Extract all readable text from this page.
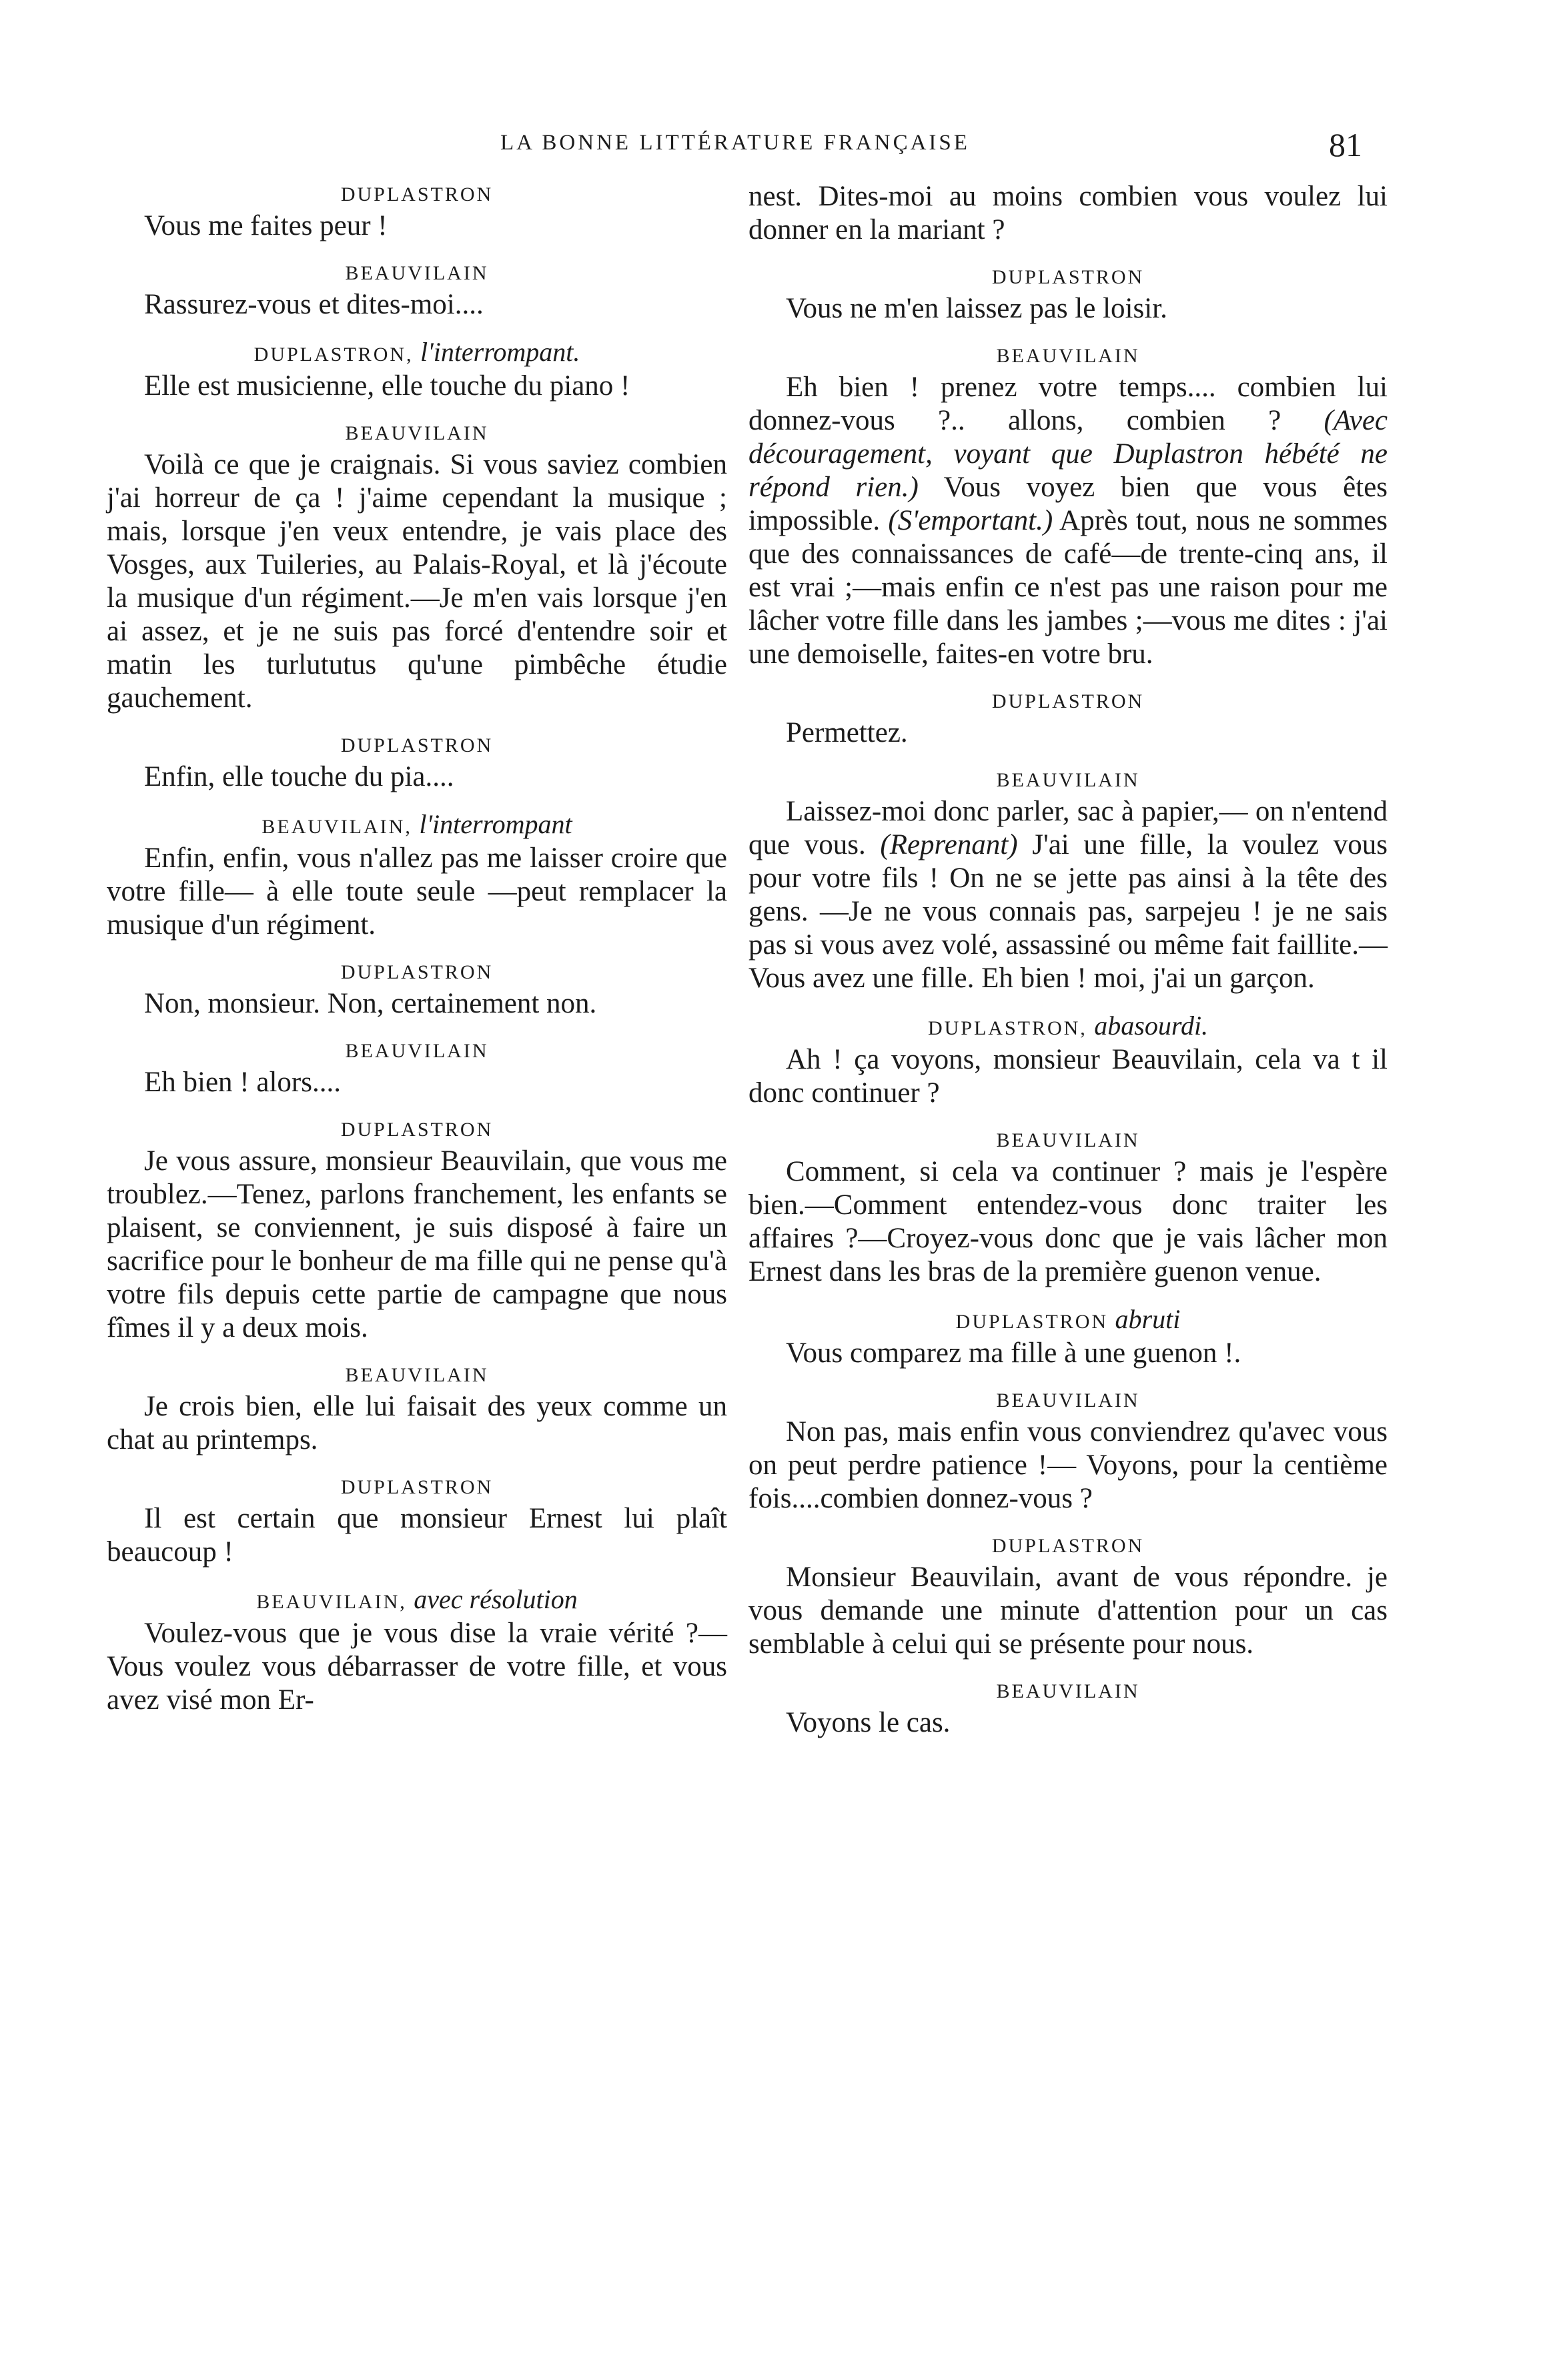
LA BONNE LITTÉRATURE FRANÇAISE	81
DUPLASTRON

Vous me faites peur !

BEAUVILAIN

Rassurez-vous et dites-moi....

DUPLASTRON, l'interrompant.

Elle est musicienne, elle touche du piano !

BEAUVILAIN

Voilà ce que je craignais. Si vous saviez combien j'ai horreur de ça ! j'aime cependant la musique ; mais, lorsque j'en veux entendre, je vais place des Vosges, aux Tuileries, au Palais-Royal, et là j'écoute la musique d'un régiment.—Je m'en vais lorsque j'en ai assez, et je ne suis pas forcé d'entendre soir et matin les turlututus qu'une pimbêche étudie gauchement.

DUPLASTRON

Enfin, elle touche du pia....

BEAUVILAIN, l'interrompant

Enfin, enfin, vous n'allez pas me laisser croire que votre fille— à elle toute seule —peut remplacer la musique d'un régiment.

DUPLASTRON

Non, monsieur. Non, certainement non.

BEAUVILAIN

Eh bien ! alors....

DUPLASTRON

Je vous assure, monsieur Beauvilain, que vous me troublez.—Tenez, parlons franchement, les enfants se plaisent, se conviennent, je suis disposé à faire un sacrifice pour le bonheur de ma fille qui ne pense qu'à votre fils depuis cette partie de campagne que nous fîmes il y a deux mois.

BEAUVILAIN

Je crois bien, elle lui faisait des yeux comme un chat au printemps.

DUPLASTRON

Il est certain que monsieur Ernest lui plaît beaucoup !

BEAUVILAIN, avec résolution

Voulez-vous que je vous dise la vraie vérité ?—Vous voulez vous débarrasser de votre fille, et vous avez visé mon Er-

nest. Dites-moi au moins combien vous voulez lui donner en la mariant ?

DUPLASTRON

Vous ne m'en laissez pas le loisir.

BEAUVILAIN

Eh bien ! prenez votre temps.... combien lui donnez-vous ?.. allons, combien ? (Avec découragement, voyant que Duplastron hébété ne répond rien.) Vous voyez bien que vous êtes impossible. (S'emportant.) Après tout, nous ne sommes que des connaissances de café—de trente-cinq ans, il est vrai ;—mais enfin ce n'est pas une raison pour me lâcher votre fille dans les jambes ;—vous me dites : j'ai une demoiselle, faites-en votre bru.

DUPLASTRON

Permettez.

BEAUVILAIN

Laissez-moi donc parler, sac à papier,— on n'entend que vous. (Reprenant) J'ai une fille, la voulez vous pour votre fils ! On ne se jette pas ainsi à la tête des gens. —Je ne vous connais pas, sarpejeu ! je ne sais pas si vous avez volé, assassiné ou même fait faillite.—Vous avez une fille. Eh bien ! moi, j'ai un garçon.

DUPLASTRON, abasourdi.

Ah ! ça voyons, monsieur Beauvilain, cela va t il donc continuer ?

BEAUVILAIN

Comment, si cela va continuer ? mais je l'espère bien.—Comment entendez-vous donc traiter les affaires ?—Croyez-vous donc que je vais lâcher mon Ernest dans les bras de la première guenon venue.

DUPLASTRON abruti

Vous comparez ma fille à une guenon !.

BEAUVILAIN

Non pas, mais enfin vous conviendrez qu'avec vous on peut perdre patience !— Voyons, pour la centième fois....combien donnez-vous ?

DUPLASTRON

Monsieur Beauvilain, avant de vous répondre. je vous demande une minute d'attention pour un cas semblable à celui qui se présente pour nous.

BEAUVILAIN

Voyons le cas.
